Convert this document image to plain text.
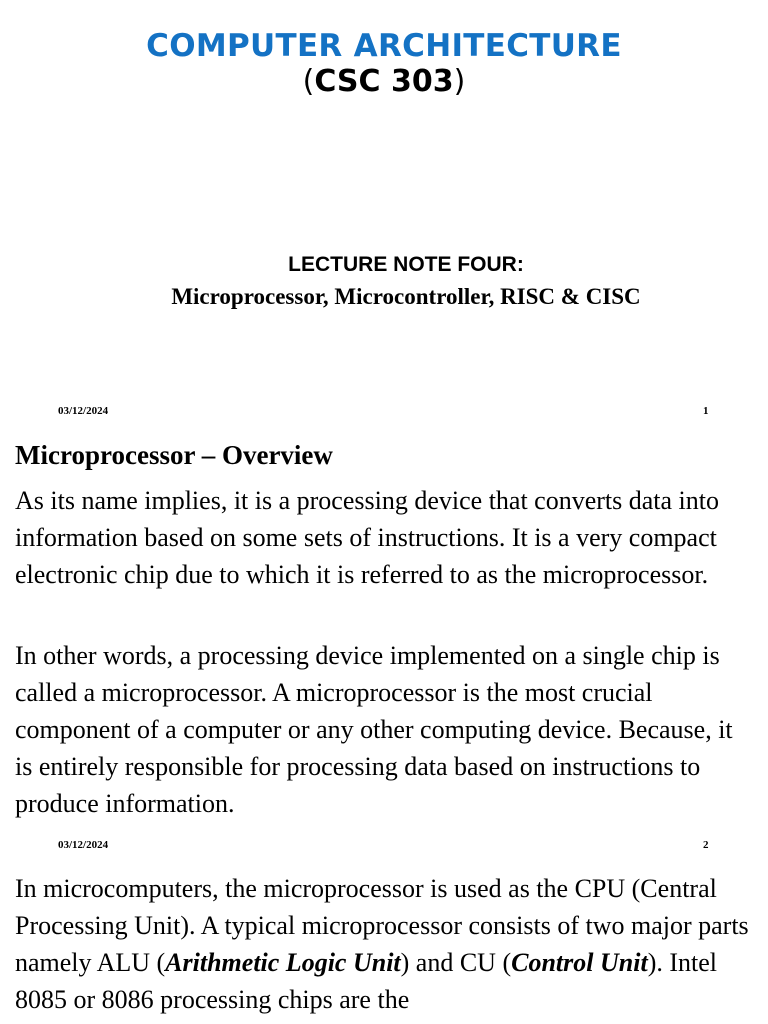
COMPUTER ARCHITECTURE
(CSC 303)
LECTURE NOTE FOUR:
Microprocessor, Microcontroller, RISC & CISC
03/12/2024	1
Microprocessor – Overview

As its name implies, it is a processing device that converts data into information based on some sets of instructions. It is a very compact electronic chip due to which it is referred to as the microprocessor.

In other words, a processing device implemented on a single chip is called a microprocessor. A microprocessor is the most crucial component of a computer or any other computing device. Because, it is entirely responsible for processing data based on instructions to produce information.

03/12/2024	2

In microcomputers, the microprocessor is used as the CPU (Central Processing Unit). A typical microprocessor consists of two major parts namely ALU (Arithmetic Logic Unit) and CU (Control Unit). Intel 8085 or 8086 processing chips are the
